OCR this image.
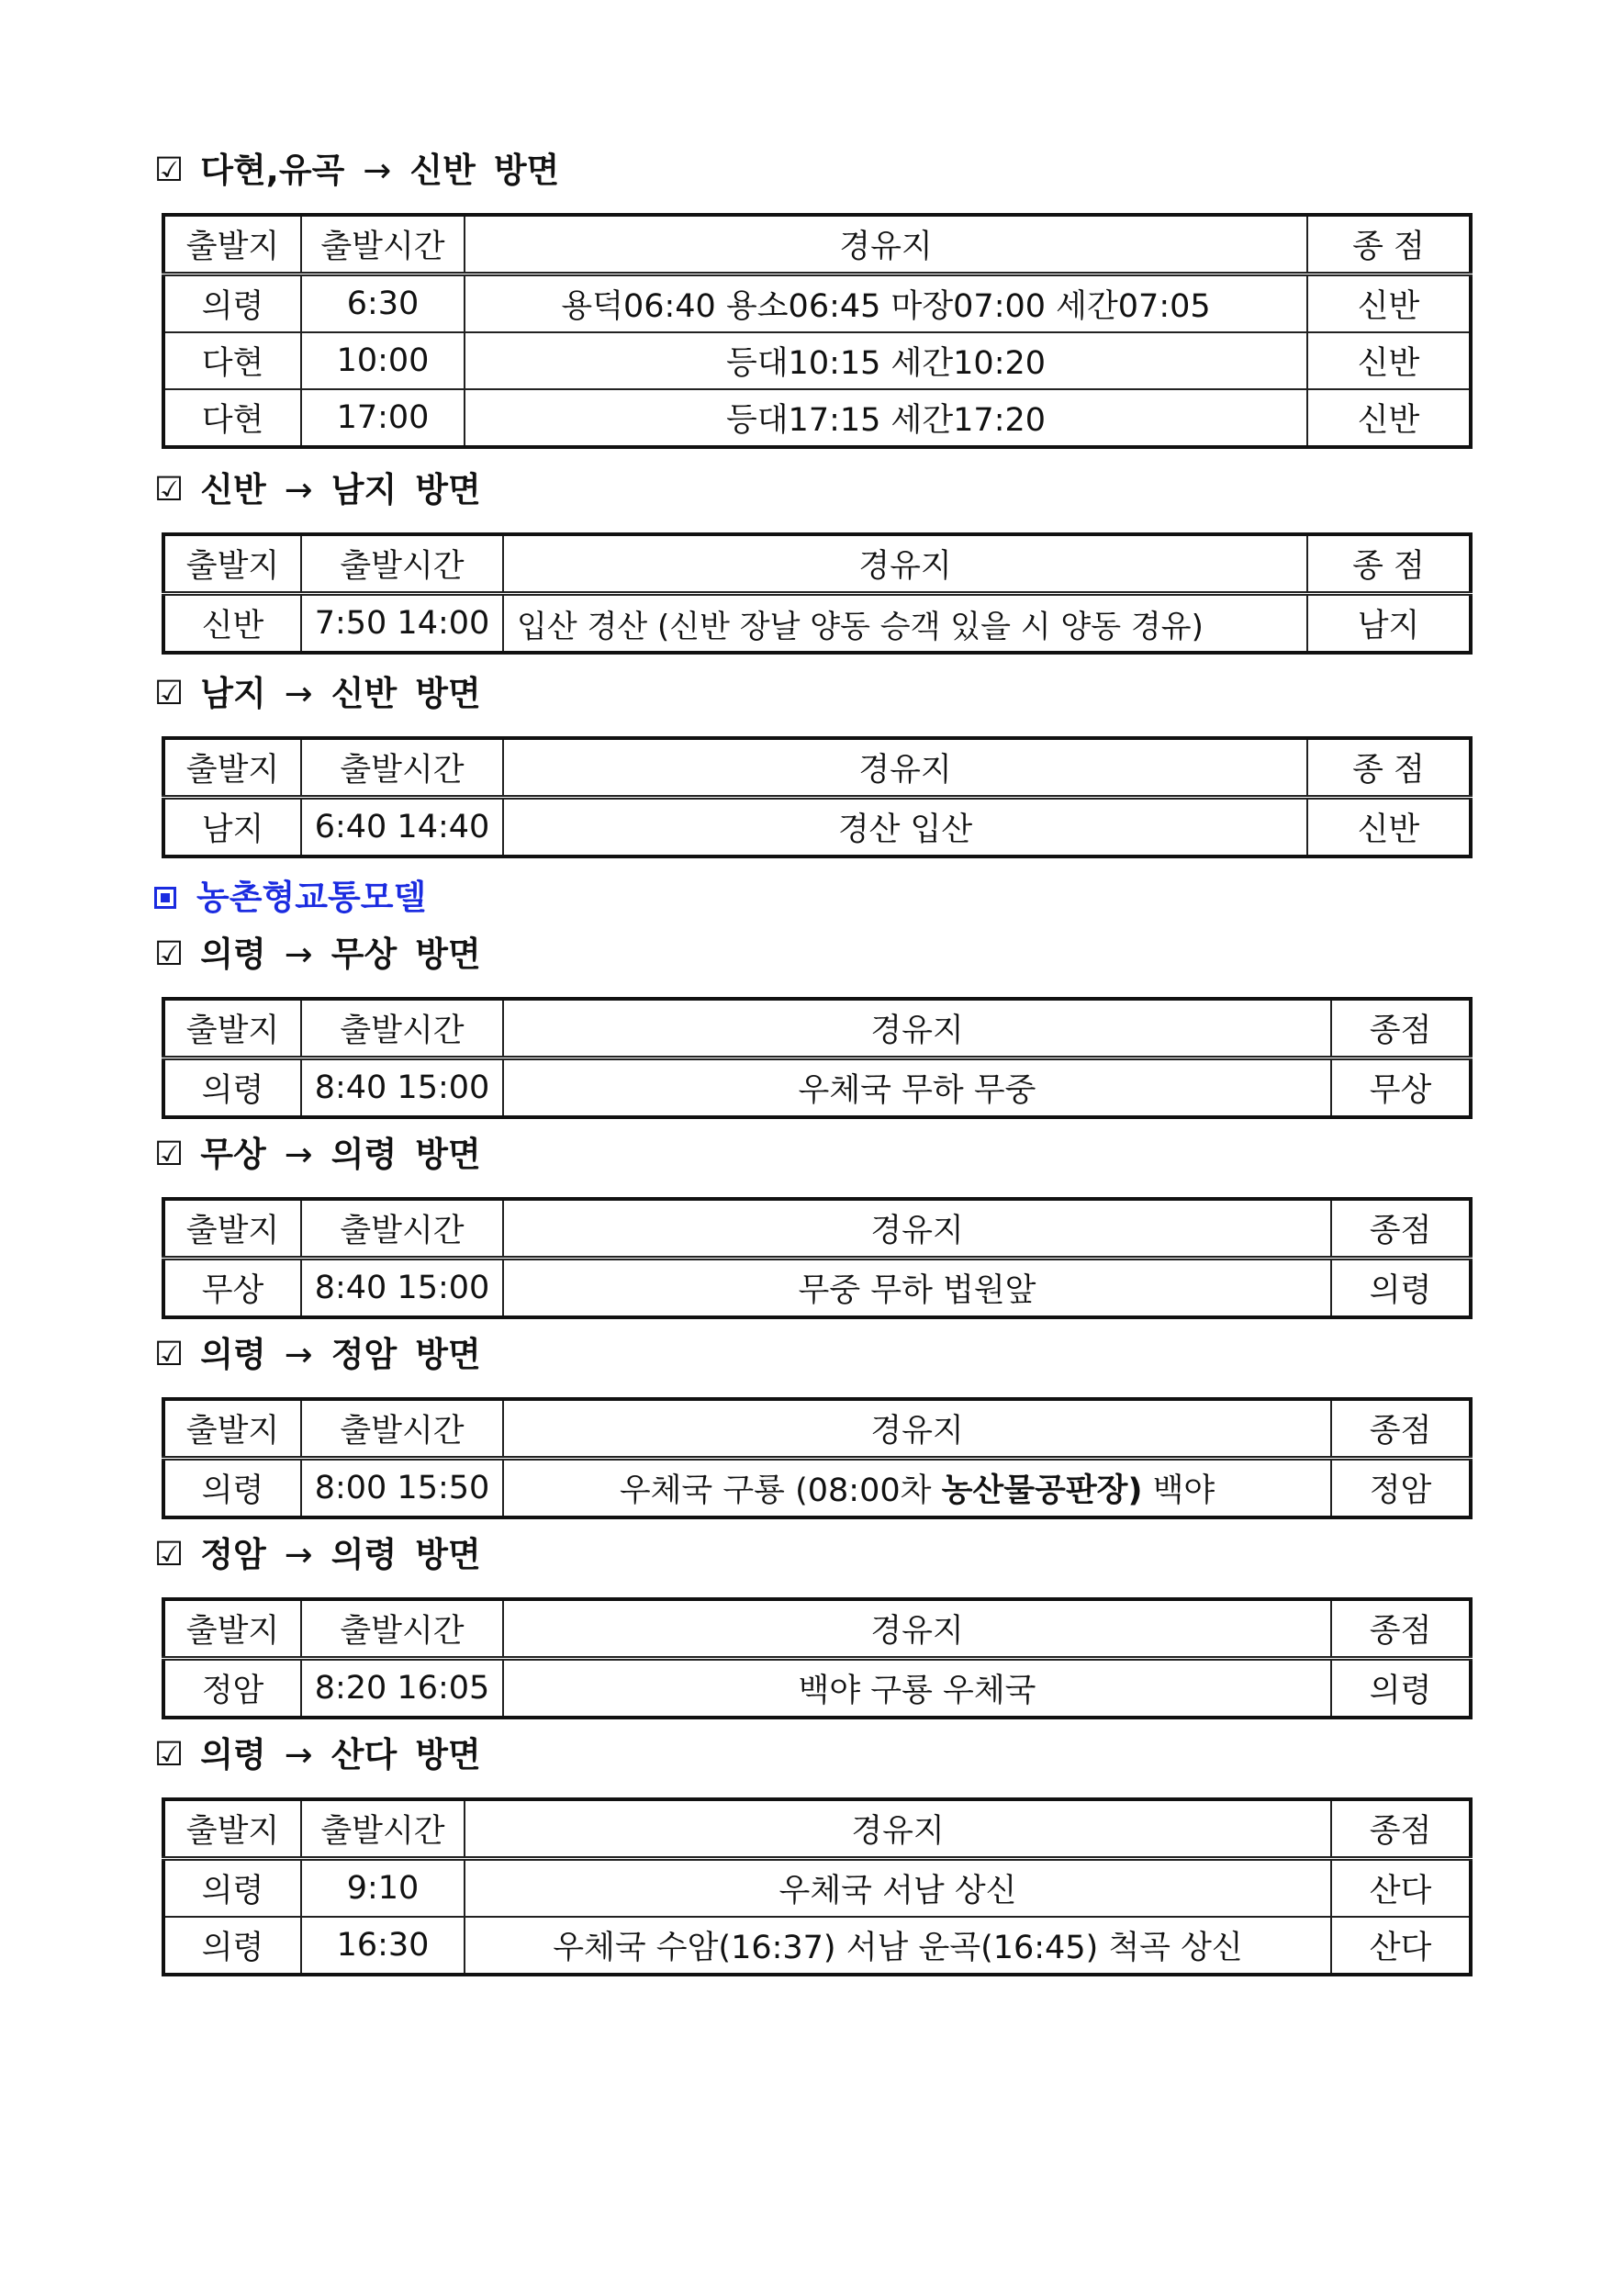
☑ 다현,유곡 → 신반 방면
출발지	출발시간	경유지	종 점
의령	6:30	용덕06:40 용소06:45 마장07:00 세간07:05	신반
다현	10:00	등대10:15 세간10:20	신반
다현	17:00	등대17:15 세간17:20	신반
☑ 신반 → 남지 방면
출발지	출발시간	경유지	종 점
신반	7:50 14:00	입산 경산 (신반 장날 양동 승객 있을 시 양동 경유)	남지
☑ 남지 → 신반 방면
출발지	출발시간	경유지	종 점
남지	6:40 14:40	경산 입산	신반
농촌형교통모델
☑ 의령 → 무상 방면
출발지	출발시간	경유지	종점
의령	8:40 15:00	우체국 무하 무중	무상
☑ 무상 → 의령 방면
출발지	출발시간	경유지	종점
무상	8:40 15:00	무중 무하 법원앞	의령
☑ 의령 → 정암 방면
출발지	출발시간	경유지	종점
의령	8:00 15:50	우체국 구룡 (08:00차 농산물공판장) 백야	정암
☑ 정암 → 의령 방면
출발지	출발시간	경유지	종점
정암	8:20 16:05	백야 구룡 우체국	의령
☑ 의령 → 산다 방면
출발지	출발시간	경유지	종점
의령	9:10	우체국 서남 상신	산다
의령	16:30	우체국 수암(16:37) 서남 운곡(16:45) 척곡 상신	산다
